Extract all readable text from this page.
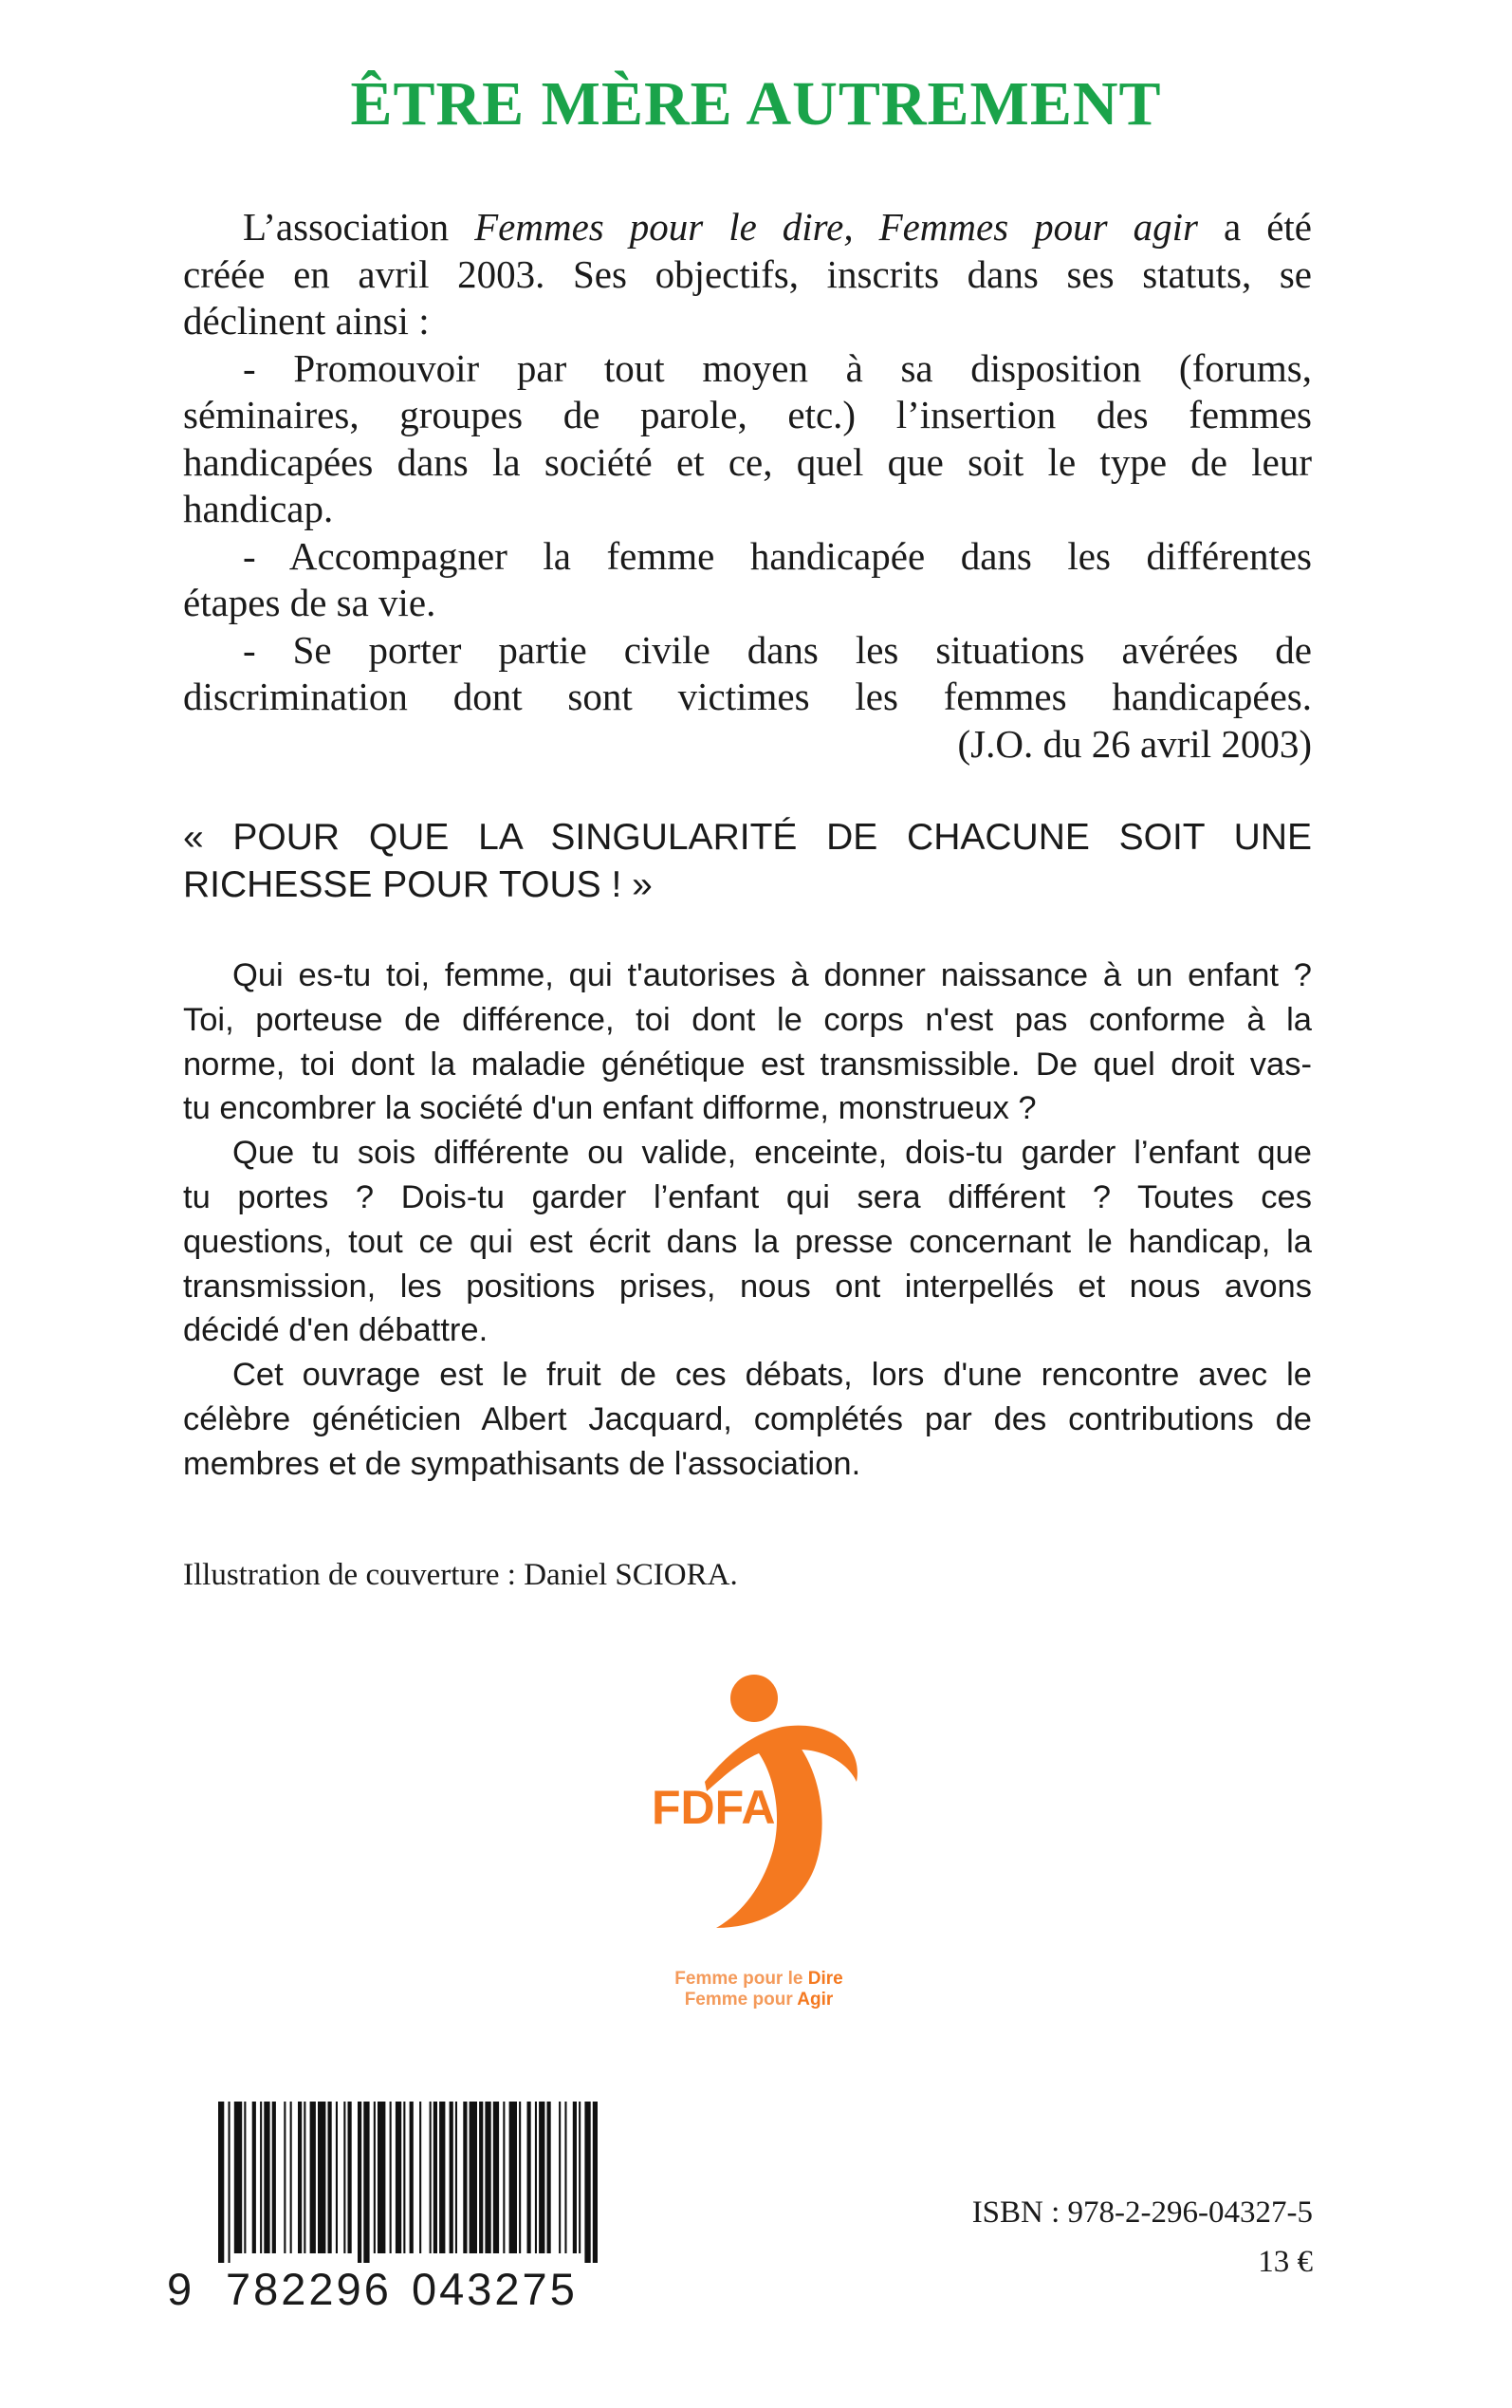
ÊTRE MÈRE AUTREMENT

L’association Femmes pour le dire, Femmes pour agir a été
créée en avril 2003. Ses objectifs, inscrits dans ses statuts, se
déclinent ainsi :

- Promouvoir par tout moyen à sa disposition (forums,
séminaires, groupes de parole, etc.) l’insertion des femmes
handicapées dans la société et ce, quel que soit le type de leur
handicap.

- Accompagner la femme handicapée dans les différentes
étapes de sa vie.

- Se porter partie civile dans les situations avérées de
discrimination dont sont victimes les femmes handicapées.

(J.O. du 26 avril 2003)

« POUR QUE LA SINGULARITÉ DE CHACUNE SOIT UNE
RICHESSE POUR TOUS ! »

Qui es-tu toi, femme, qui t'autorises à donner naissance à un enfant ?
Toi, porteuse de différence, toi dont le corps n'est pas conforme à la
norme, toi dont la maladie génétique est transmissible. De quel droit vas-
tu encombrer la société d'un enfant difforme, monstrueux ?

Que tu sois différente ou valide, enceinte, dois-tu garder l’enfant que
tu portes ? Dois-tu garder l’enfant qui sera différent ? Toutes ces
questions, tout ce qui est écrit dans la presse concernant le handicap, la
transmission, les positions prises, nous ont interpellés et nous avons
décidé d'en débattre.

Cet ouvrage est le fruit de ces débats, lors d'une rencontre avec le
célèbre généticien Albert Jacquard, complétés par des contributions de
membres et de sympathisants de l'association.

Illustration de couverture : Daniel SCIORA.
FDFA
Femme pour le Dire
Femme pour Agir
9 782296 043275
ISBN : 978-2-296-04327-5
13 €
